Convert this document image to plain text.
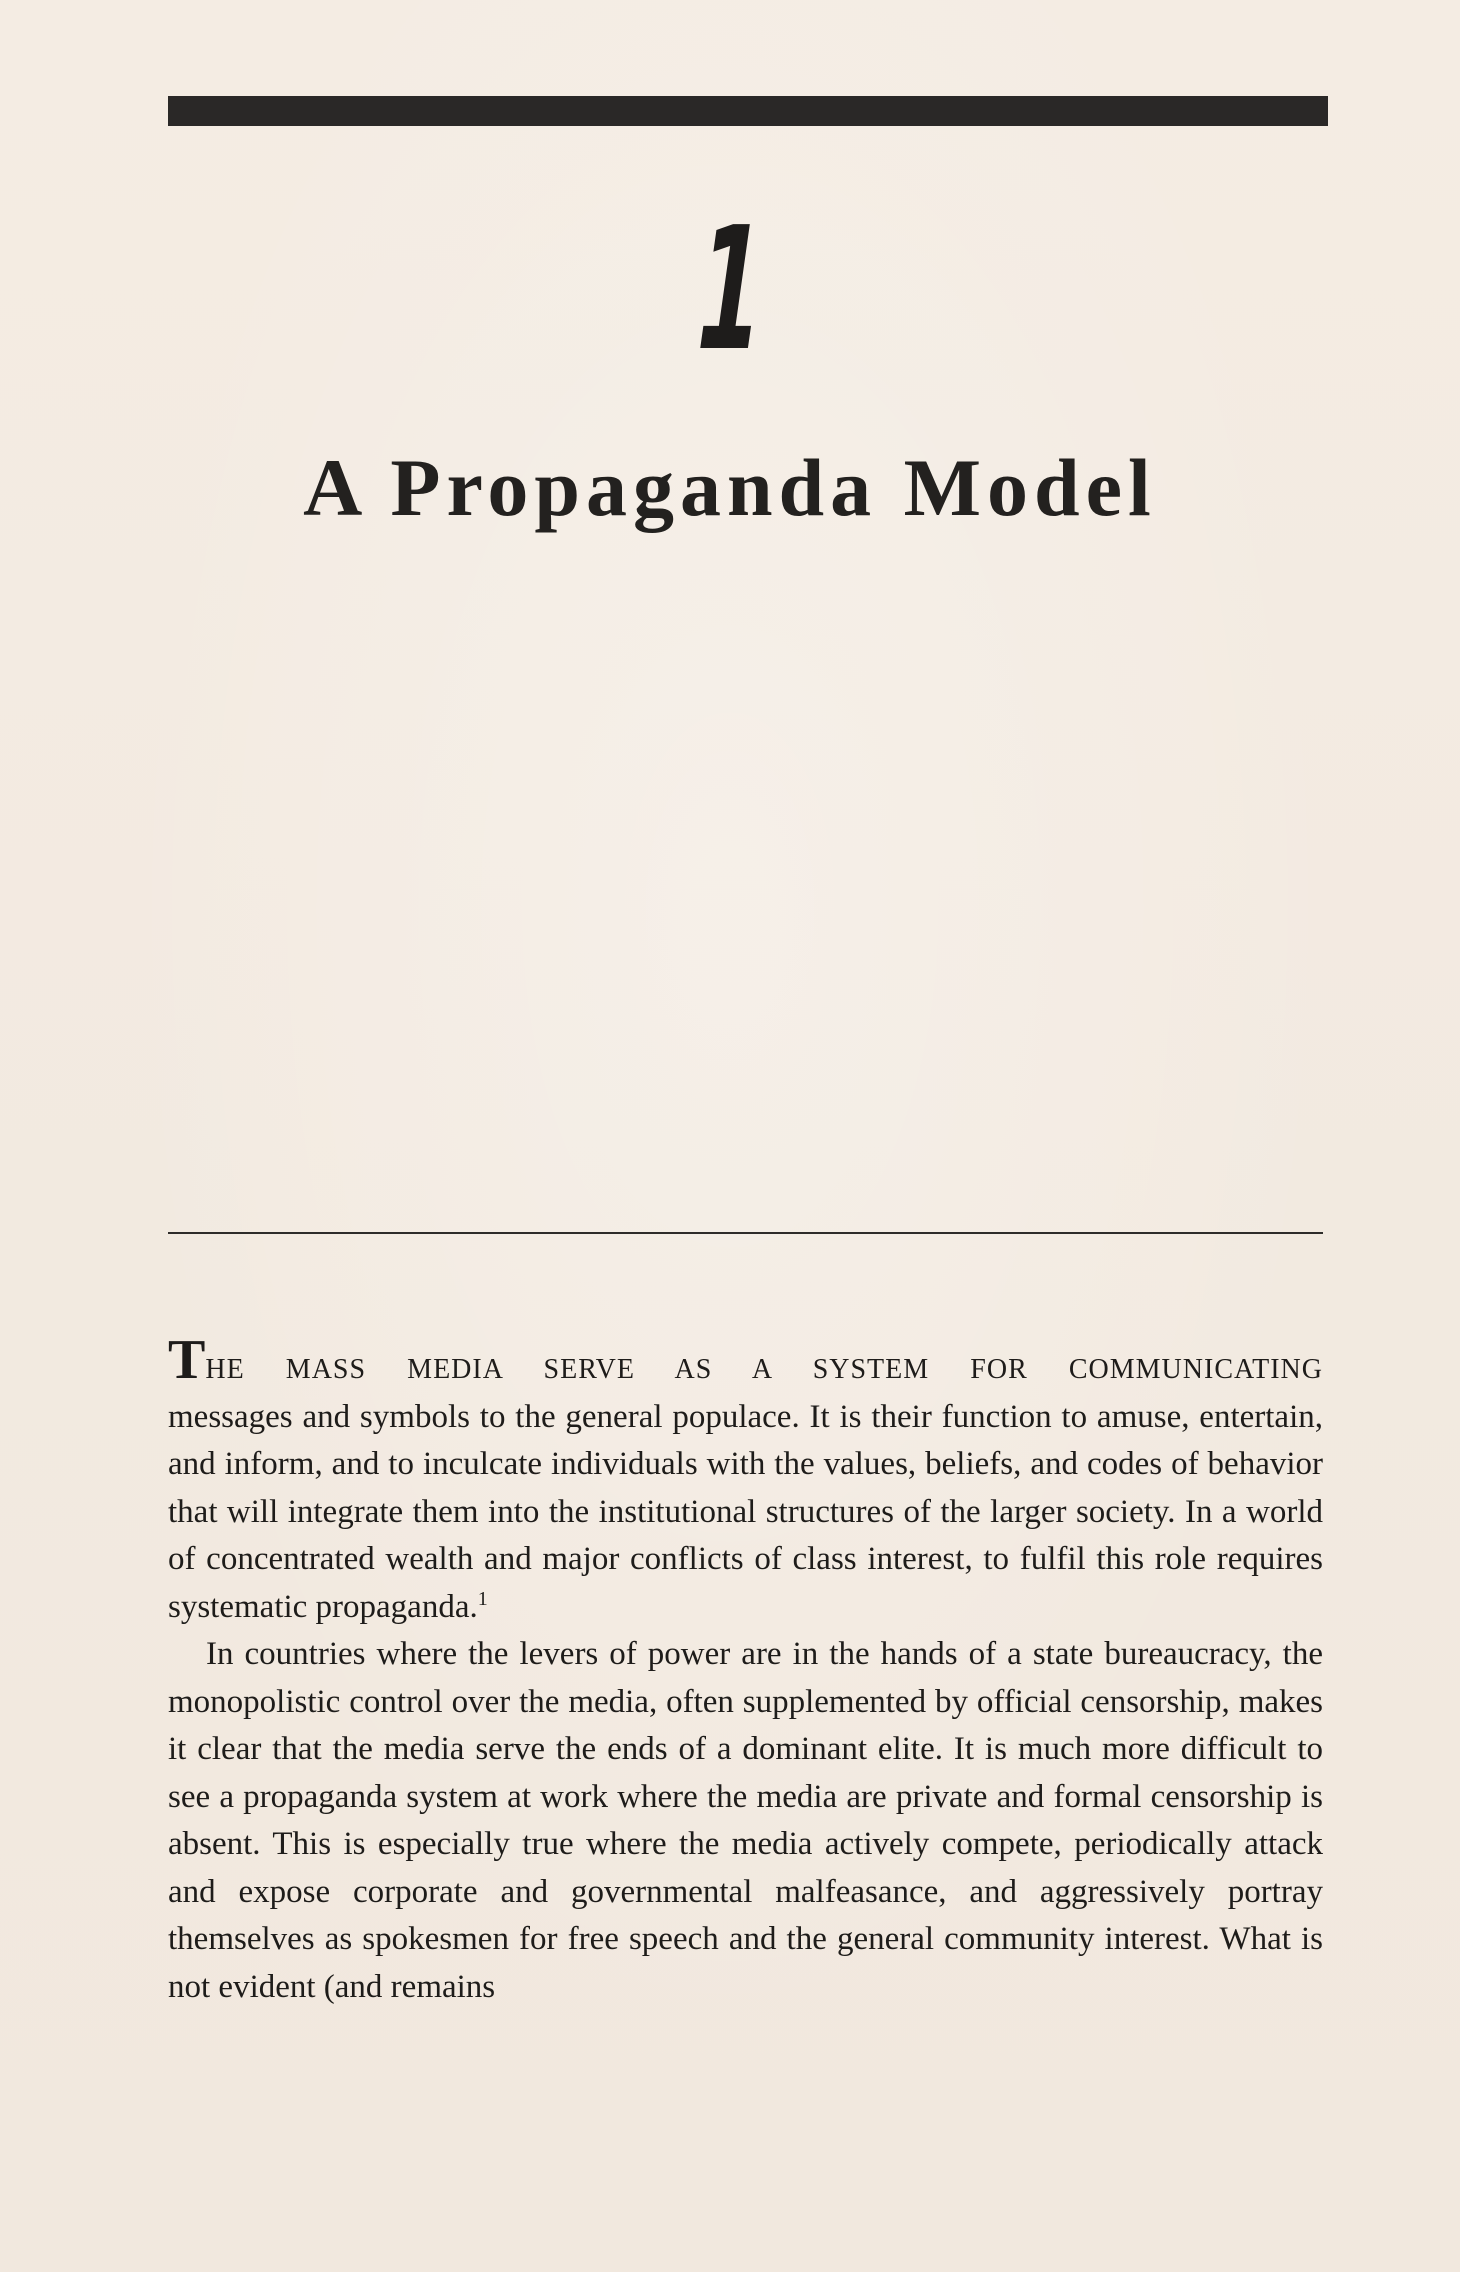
1
A Propaganda Model

THE MASS MEDIA SERVE AS A SYSTEM FOR COMMUNICATING
messages and symbols to the general populace. It is their function to amuse, entertain, and inform, and to inculcate individuals with the values, beliefs, and codes of behavior that will integrate them into the institutional structures of the larger society. In a world of concentrated wealth and major conflicts of class interest, to fulfil this role requires systematic propaganda.$^1$

In countries where the levers of power are in the hands of a state bureaucracy, the monopolistic control over the media, often supplemented by official censorship, makes it clear that the media serve the ends of a dominant elite. It is much more difficult to see a propaganda system at work where the media are private and formal censorship is absent. This is especially true where the media actively compete, periodically attack and expose corporate and governmental malfeasance, and aggressively portray themselves as spokesmen for free speech and the general community interest. What is not evident (and remains
